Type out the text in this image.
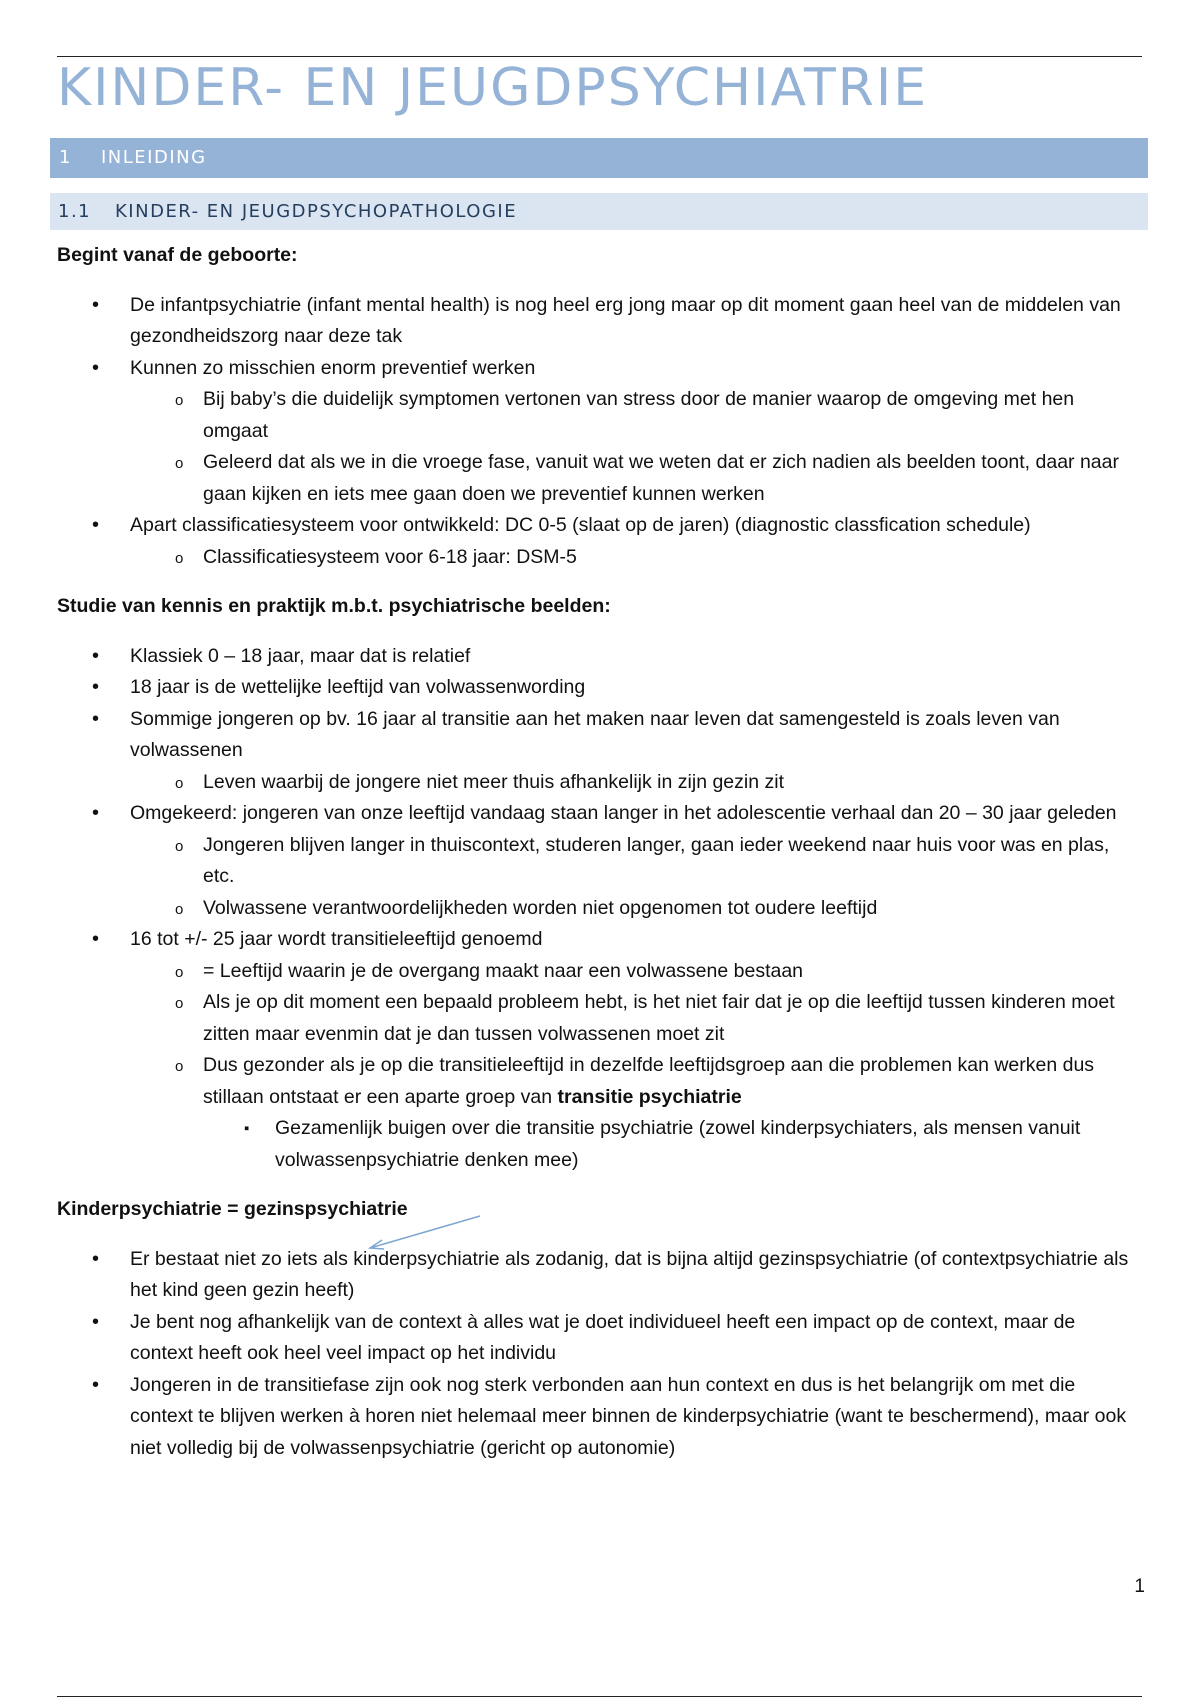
KINDER- EN JEUGDPSYCHIATRIE
1 INLEIDING
1.1 KINDER- EN JEUGDPSYCHOPATHOLOGIE

Begint vanaf de geboorte:

• De infantpsychiatrie (infant mental health) is nog heel erg jong maar op dit moment gaan heel van de middelen van gezondheidszorg naar deze tak
• Kunnen zo misschien enorm preventief werken
o Bij baby’s die duidelijk symptomen vertonen van stress door de manier waarop de omgeving met hen omgaat
o Geleerd dat als we in die vroege fase, vanuit wat we weten dat er zich nadien als beelden toont, daar naar gaan kijken en iets mee gaan doen we preventief kunnen werken
• Apart classificatiesysteem voor ontwikkeld: DC 0-5 (slaat op de jaren) (diagnostic classfication schedule)
o Classificatiesysteem voor 6-18 jaar: DSM-5

Studie van kennis en praktijk m.b.t. psychiatrische beelden:

• Klassiek 0 – 18 jaar, maar dat is relatief
• 18 jaar is de wettelijke leeftijd van volwassenwording
• Sommige jongeren op bv. 16 jaar al transitie aan het maken naar leven dat samengesteld is zoals leven van volwassenen
o Leven waarbij de jongere niet meer thuis afhankelijk in zijn gezin zit
• Omgekeerd: jongeren van onze leeftijd vandaag staan langer in het adolescentie verhaal dan 20 – 30 jaar geleden
o Jongeren blijven langer in thuiscontext, studeren langer, gaan ieder weekend naar huis voor was en plas, etc.
o Volwassene verantwoordelijkheden worden niet opgenomen tot oudere leeftijd
• 16 tot +/- 25 jaar wordt transitieleeftijd genoemd
o = Leeftijd waarin je de overgang maakt naar een volwassene bestaan
o Als je op dit moment een bepaald probleem hebt, is het niet fair dat je op die leeftijd tussen kinderen moet zitten maar evenmin dat je dan tussen volwassenen moet zit
o Dus gezonder als je op die transitieleeftijd in dezelfde leeftijdsgroep aan die problemen kan werken dus stillaan ontstaat er een aparte groep van transitie psychiatrie
▪ Gezamenlijk buigen over die transitie psychiatrie (zowel kinderpsychiaters, als mensen vanuit volwassenpsychiatrie denken mee)

Kinderpsychiatrie = gezinspsychiatrie

• Er bestaat niet zo iets als kinderpsychiatrie als zodanig, dat is bijna altijd gezinspsychiatrie (of contextpsychiatrie als het kind geen gezin heeft)
• Je bent nog afhankelijk van de context à alles wat je doet individueel heeft een impact op de context, maar de context heeft ook heel veel impact op het individu
• Jongeren in de transitiefase zijn ook nog sterk verbonden aan hun context en dus is het belangrijk om met die context te blijven werken à horen niet helemaal meer binnen de kinderpsychiatrie (want te beschermend), maar ook niet volledig bij de volwassenpsychiatrie (gericht op autonomie)
1
